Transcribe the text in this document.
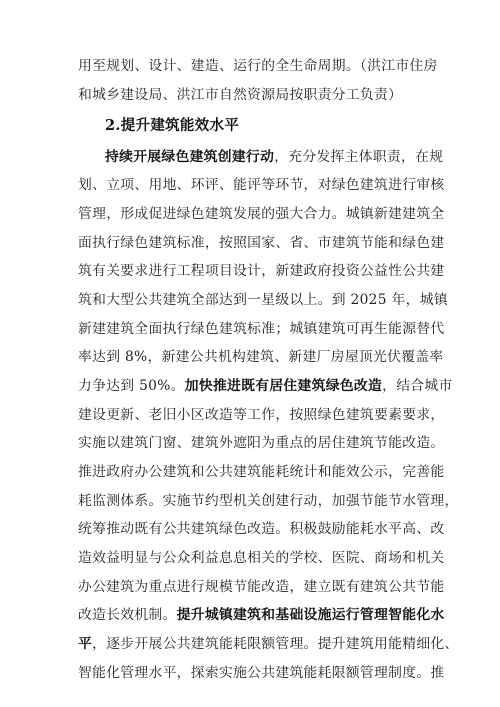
用至规划、设计、建造、运行的全生命周期。（洪江市住房
和城乡建设局、洪江市自然资源局按职责分工负责）
2.提升建筑能效水平
持续开展绿色建筑创建行动，充分发挥主体职责，在规
划、立项、用地、环评、能评等环节，对绿色建筑进行审核
管理，形成促进绿色建筑发展的强大合力。城镇新建建筑全
面执行绿色建筑标准，按照国家、省、市建筑节能和绿色建
筑有关要求进行工程项目设计，新建政府投资公益性公共建
筑和大型公共建筑全部达到一星级以上。到 2025 年，城镇
新建建筑全面执行绿色建筑标准；城镇建筑可再生能源替代
率达到 8%，新建公共机构建筑、新建厂房屋顶光伏覆盖率
力争达到 50%。加快推进既有居住建筑绿色改造，结合城市
建设更新、老旧小区改造等工作，按照绿色建筑要素要求，
实施以建筑门窗、建筑外遮阳为重点的居住建筑节能改造。
推进政府办公建筑和公共建筑能耗统计和能效公示，完善能
耗监测体系。实施节约型机关创建行动，加强节能节水管理，
统筹推动既有公共建筑绿色改造。积极鼓励能耗水平高、改
造效益明显与公众利益息息相关的学校、医院、商场和机关
办公建筑为重点进行规模节能改造，建立既有建筑公共节能
改造长效机制。提升城镇建筑和基础设施运行管理智能化水
平，逐步开展公共建筑能耗限额管理。提升建筑用能精细化、
智能化管理水平，探索实施公共建筑能耗限额管理制度。推
